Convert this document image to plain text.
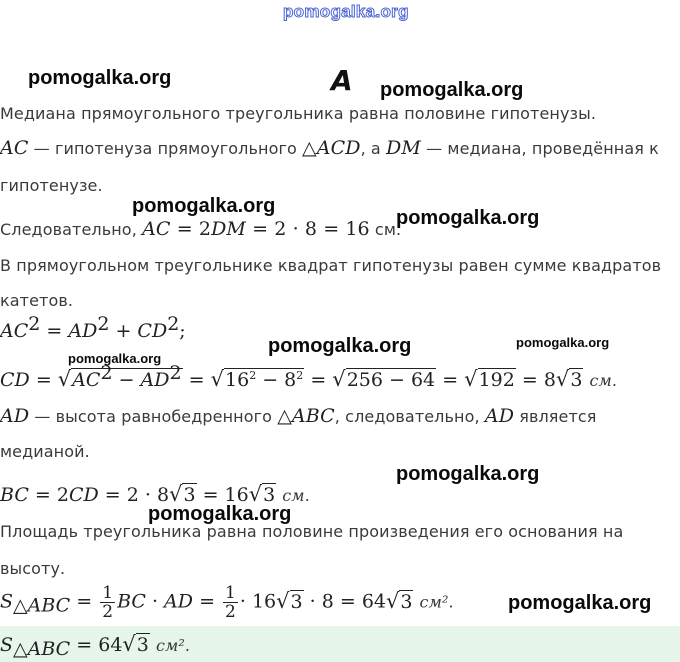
pomogalka.org
pomogalka.org	А pomogalka.org
Медиана прямоугольного треугольника равна половине гипотенузы.
AC — гипотенуза прямоугольного △ACD, а DM — медиана, проведённая к
гипотенузе.
pomogalka.org
pomogalka.org
Следовательно, AC = 2DM = 2 · 8 = 16 см.
В прямоугольном треугольнике квадрат гипотенузы равен сумме квадратов
катетов.
$AC^2 = AD^2 + CD^2$;
pomogalka.org
pomogalka.org	pomogalka.org
CD = $√AC^2 - AD^2 = √16^2 - 8^2 = √256 - 64 = √192 = 8√3$ см.
AD — высота равнобедренного △ABC, следовательно, AD является
медианой.
pomogalka.org
BC = 2CD = 2 · 8√3 = 16√3 см.
pomogalka.org
Площадь треугольника равна половине произведения его основания на
высоту.
$S_{\triangle ABC} = \frac{1}{2}$ BC · AD = $\frac{1}{2} \cdot 16√3 \cdot 8 = 64√3$ см².	pomogalka.org
$S_{\triangle ABC} = 64√3$ см².
